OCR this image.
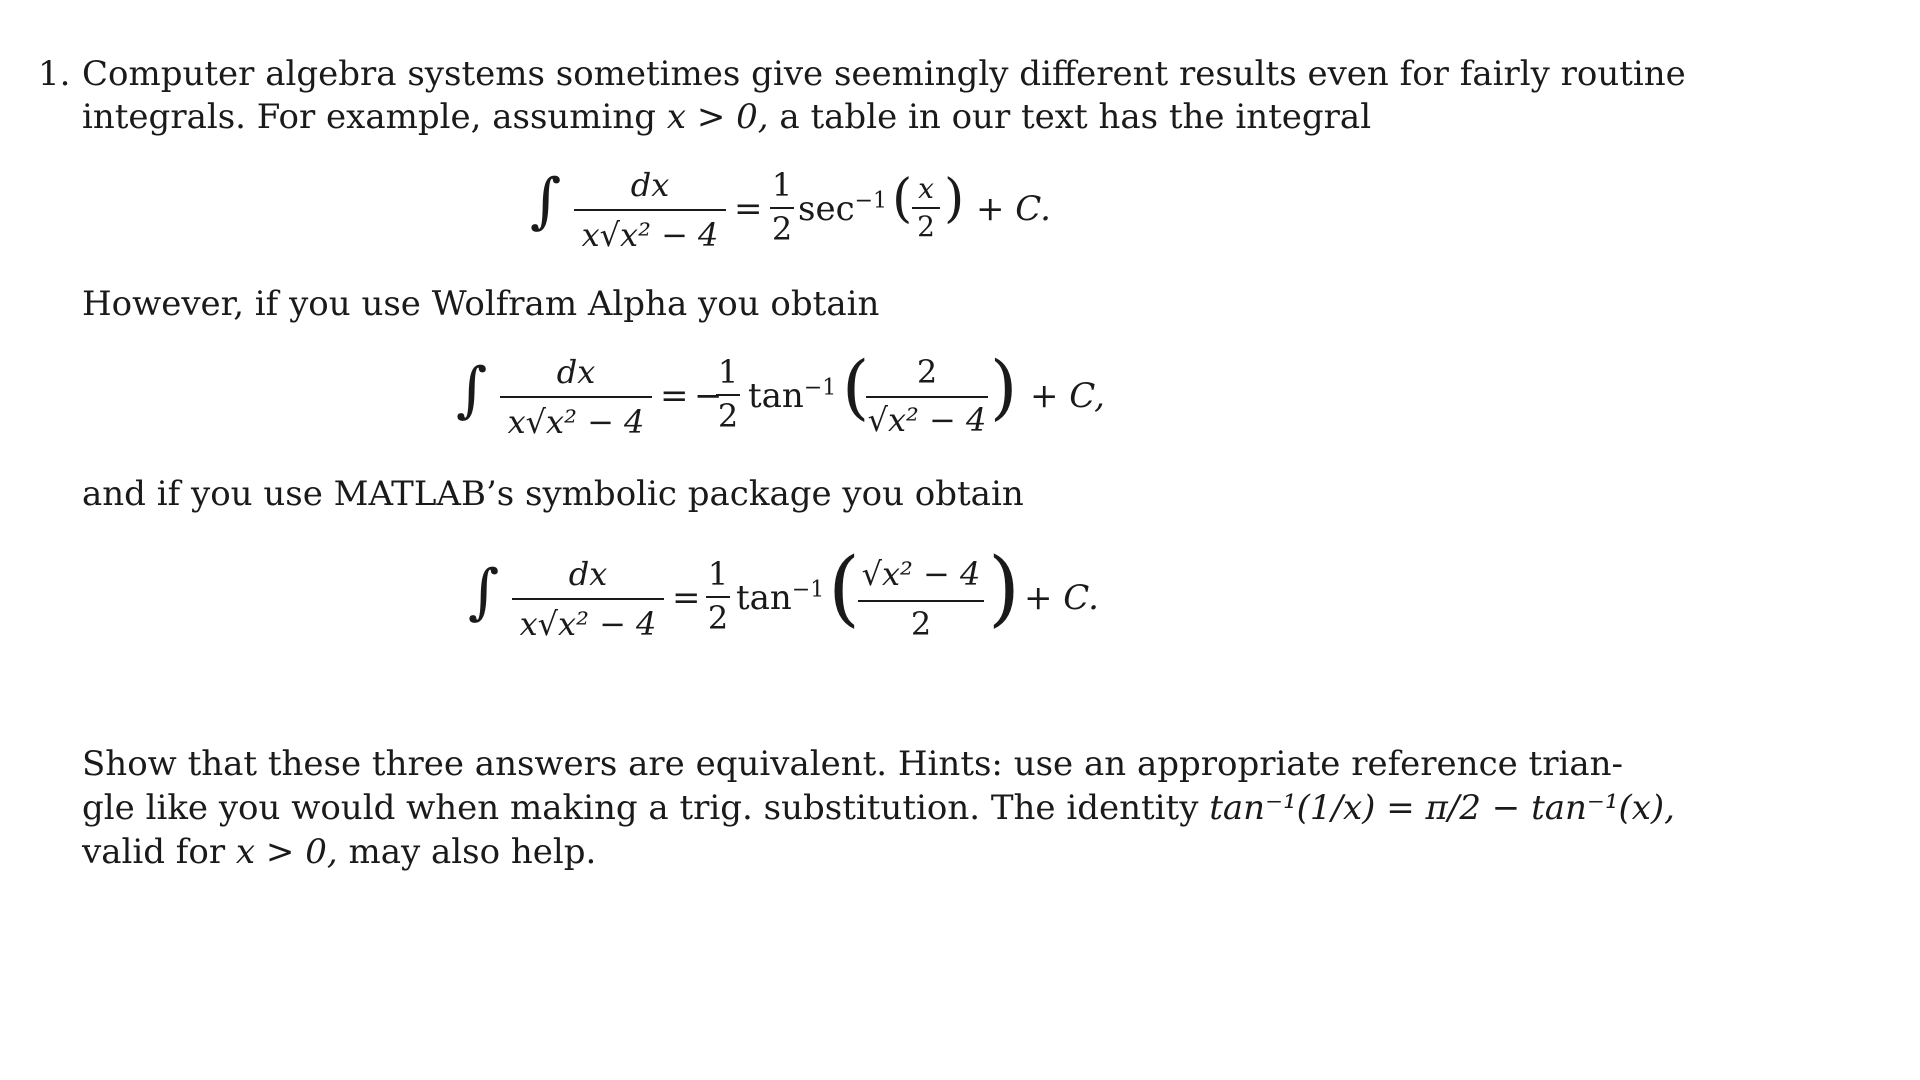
1. Computer algebra systems sometimes give seemingly different results even for fairly routine
integrals. For example, assuming x > 0, a table in our text has the integral
∫	dx
x√x² − 4
=
1
2 $\sec^{-1}$ ( x
2 ) + C.
However, if you use Wolfram Alpha you obtain
∫	dx
x√x² − 4
= −
1
2 $\tan^{-1}$ (	2
√x² − 4 ) + C,
and if you use MATLAB’s symbolic package you obtain
∫	dx
x√x² − 4
=
1
2 $\tan^{-1}$ ( √x² − 4
2 ) + C.
Show that these three answers are equivalent. Hints: use an appropriate reference trian-
gle like you would when making a trig. substitution. The identity tan⁻¹(1/x) = π/2 − tan⁻¹(x),
valid for x > 0, may also help.
